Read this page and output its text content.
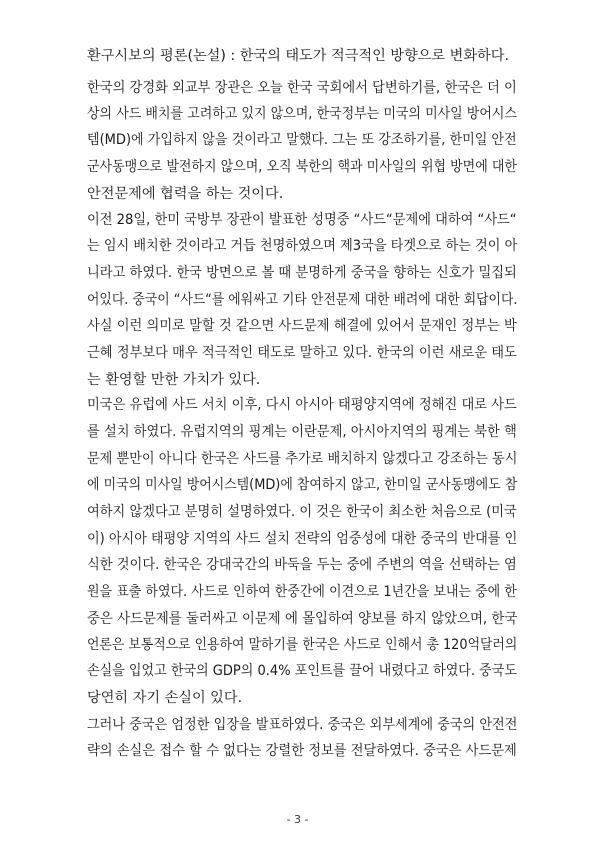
환구시보의 평론(논설) : 한국의 태도가 적극적인 방향으로 변화하다.
한국의 강경화 외교부 장관은 오늘 한국 국회에서 답변하기를, 한국은 더 이
상의 사드 배치를 고려하고 있지 않으며, 한국정부는 미국의 미사일 방어시스
템(MD)에 가입하지 않을 것이라고 말했다. 그는 또 강조하기를, 한미일 안전
군사동맹으로 발전하지 않으며, 오직 북한의 핵과 미사일의 위협 방면에 대한
안전문제에 협력을 하는 것이다.
이전 28일, 한미 국방부 장관이 발표한 성명중 “사드“문제에 대하여 “사드“
는 임시 배치한 것이라고 거듭 천명하였으며 제3국을 타겟으로 하는 것이 아
니라고 하였다. 한국 방면으로 볼 때 분명하게 중국을 향하는 신호가 밀집되
어있다. 중국이 “사드“를 에워싸고 기타 안전문제 대한 배려에 대한 회답이다.
사실 이런 의미로 말할 것 같으면 사드문제 해결에 있어서 문재인 정부는 박
근혜 정부보다 매우 적극적인 태도로 말하고 있다. 한국의 이런 새로운 태도
는 환영할 만한 가치가 있다.
미국은 유럽에 사드 서치 이후, 다시 아시아 태평양지역에 정해진 대로 사드
를 설치 하였다. 유럽지역의 핑계는 이란문제, 아시아지역의 핑계는 북한 핵
문제 뿐만이 아니다 한국은 사드를 추가로 배치하지 않겠다고 강조하는 동시
에 미국의 미사일 방어시스템(MD)에 참여하지 않고, 한미일 군사동맹에도 참
여하지 않겠다고 분명히 설명하였다. 이 것은 한국이 최소한 처음으로 (미국
이) 아시아 태평양 지역의 사드 설치 전략의 엄중성에 대한 중국의 반대를 인
식한 것이다. 한국은 강대국간의 바둑을 두는 중에 주변의 역을 선택하는 염
원을 표출 하였다. 사드로 인하여 한중간에 이견으로 1년간을 보내는 중에 한
중은 사드문제를 둘러싸고 이문제 에 몰입하여 양보를 하지 않았으며, 한국
언론은 보통적으로 인용하여 말하기를 한국은 사드로 인해서 총 120억달러의
손실을 입었고 한국의 GDP의 0.4% 포인트를 끌어 내렸다고 하였다. 중국도
당연히 자기 손실이 있다.
그러나 중국은 엄정한 입장을 발표하였다. 중국은 외부세계에 중국의 안전전
략의 손실은 접수 할 수 없다는 강렬한 정보를 전달하였다. 중국은 사드문제
- 3 -
